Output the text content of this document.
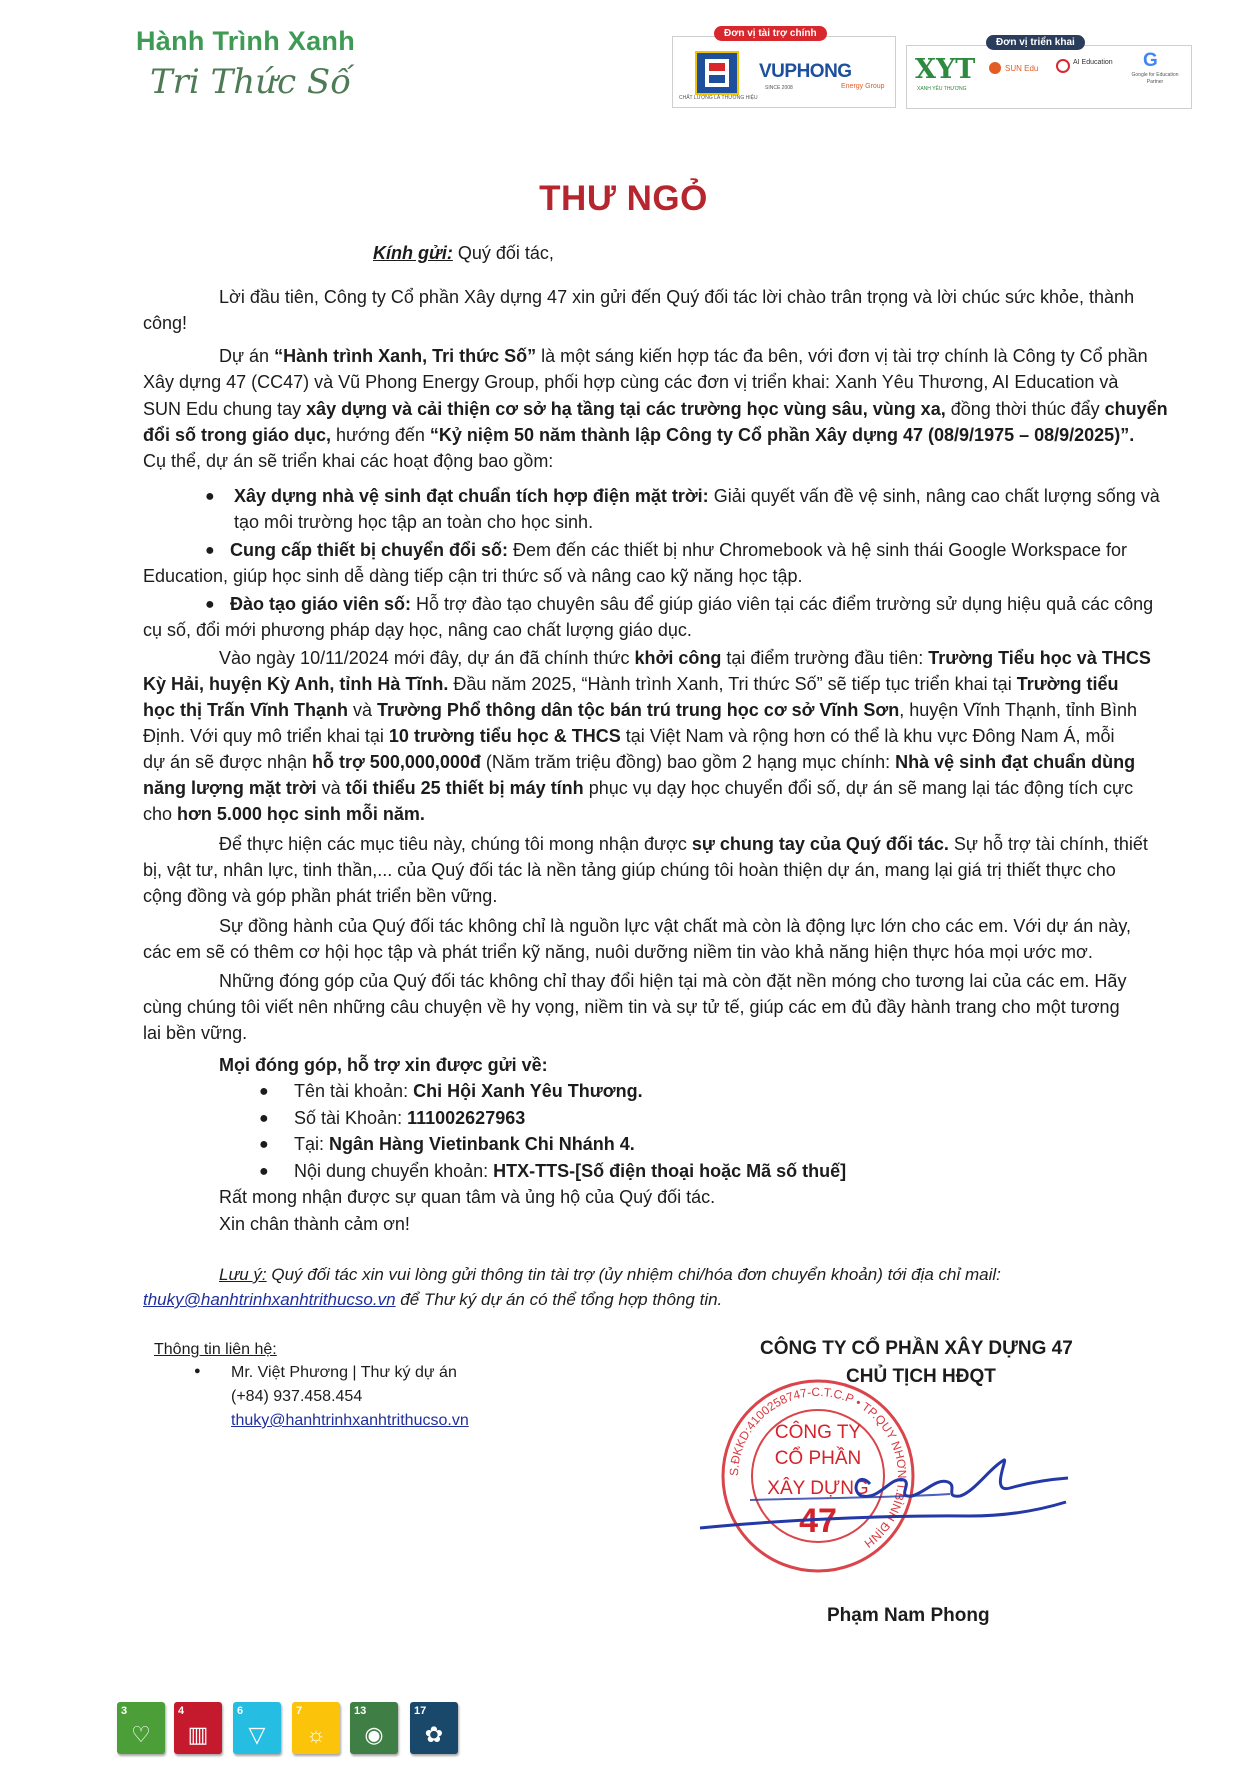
Hành Trình Xanh
Tri Thức Số	CHẤT LƯỢNG LÀ THƯƠNG HIỆU
VUPHONG
SINCE 2008	Energy Group
Đơn vị tài trợ chính
XYT
XANH YÊU THƯƠNG
SUN Edu
AI Education G
Google for Education Partner
Đơn vị triển khai
THƯ NGỎ
Kính gửi: Quý đối tác,
Lời đầu tiên, Công ty Cổ phần Xây dựng 47 xin gửi đến Quý đối tác lời chào trân trọng và lời chúc sức khỏe, thành
công!
Dự án “Hành trình Xanh, Tri thức Số” là một sáng kiến hợp tác đa bên, với đơn vị tài trợ chính là Công ty Cổ phần
Xây dựng 47 (CC47) và Vũ Phong Energy Group, phối hợp cùng các đơn vị triển khai: Xanh Yêu Thương, AI Education và
SUN Edu chung tay xây dựng và cải thiện cơ sở hạ tầng tại các trường học vùng sâu, vùng xa, đồng thời thúc đẩy chuyển
đổi số trong giáo dục, hướng đến “Kỷ niệm 50 năm thành lập Công ty Cổ phần Xây dựng 47 (08/9/1975 – 08/9/2025)”.
Cụ thể, dự án sẽ triển khai các hoạt động bao gồm:
● Xây dựng nhà vệ sinh đạt chuẩn tích hợp điện mặt trời: Giải quyết vấn đề vệ sinh, nâng cao chất lượng sống và
tạo môi trường học tập an toàn cho học sinh.
● Cung cấp thiết bị chuyển đổi số: Đem đến các thiết bị như Chromebook và hệ sinh thái Google Workspace for
Education, giúp học sinh dễ dàng tiếp cận tri thức số và nâng cao kỹ năng học tập.
● Đào tạo giáo viên số: Hỗ trợ đào tạo chuyên sâu để giúp giáo viên tại các điểm trường sử dụng hiệu quả các công
cụ số, đổi mới phương pháp dạy học, nâng cao chất lượng giáo dục.
Vào ngày 10/11/2024 mới đây, dự án đã chính thức khởi công tại điểm trường đầu tiên: Trường Tiểu học và THCS
Kỳ Hải, huyện Kỳ Anh, tỉnh Hà Tĩnh. Đầu năm 2025, “Hành trình Xanh, Tri thức Số” sẽ tiếp tục triển khai tại Trường tiểu
học thị Trấn Vĩnh Thạnh và Trường Phổ thông dân tộc bán trú trung học cơ sở Vĩnh Sơn, huyện Vĩnh Thạnh, tỉnh Bình
Định. Với quy mô triển khai tại 10 trường tiểu học & THCS tại Việt Nam và rộng hơn có thể là khu vực Đông Nam Á, mỗi
dự án sẽ được nhận hỗ trợ 500,000,000đ (Năm trăm triệu đồng) bao gồm 2 hạng mục chính: Nhà vệ sinh đạt chuẩn dùng
năng lượng mặt trời và tối thiểu 25 thiết bị máy tính phục vụ dạy học chuyển đổi số, dự án sẽ mang lại tác động tích cực
cho hơn 5.000 học sinh mỗi năm.
Để thực hiện các mục tiêu này, chúng tôi mong nhận được sự chung tay của Quý đối tác. Sự hỗ trợ tài chính, thiết
bị, vật tư, nhân lực, tinh thần,... của Quý đối tác là nền tảng giúp chúng tôi hoàn thiện dự án, mang lại giá trị thiết thực cho
cộng đồng và góp phần phát triển bền vững.
Sự đồng hành của Quý đối tác không chỉ là nguồn lực vật chất mà còn là động lực lớn cho các em. Với dự án này,
các em sẽ có thêm cơ hội học tập và phát triển kỹ năng, nuôi dưỡng niềm tin vào khả năng hiện thực hóa mọi ước mơ.
Những đóng góp của Quý đối tác không chỉ thay đổi hiện tại mà còn đặt nền móng cho tương lai của các em. Hãy
cùng chúng tôi viết nên những câu chuyện về hy vọng, niềm tin và sự tử tế, giúp các em đủ đầy hành trang cho một tương
lai bền vững.
Mọi đóng góp, hỗ trợ xin được gửi về:
● Tên tài khoản: Chi Hội Xanh Yêu Thương.
● Số tài Khoản: 111002627963
● Tại: Ngân Hàng Vietinbank Chi Nhánh 4.
● Nội dung chuyển khoản: HTX-TTS-[Số điện thoại hoặc Mã số thuế]
Rất mong nhận được sự quan tâm và ủng hộ của Quý đối tác.
Xin chân thành cảm ơn!
Lưu ý: Quý đối tác xin vui lòng gửi thông tin tài trợ (ủy nhiệm chi/hóa đơn chuyển khoản) tới địa chỉ mail:
thuky@hanhtrinhxanhtrithucso.vn để Thư ký dự án có thể tổng hợp thông tin.
Thông tin liên hệ:
● Mr. Việt Phương | Thư ký dự án
(+84) 937.458.454
thuky@hanhtrinhxanhtrithucso.vn
CÔNG TY CỔ PHẦN XÂY DỰNG 47
CHỦ TỊCH HĐQT
S.ĐKKD:4100258747-C.T.C.P • TP.QUY NHƠN-T.BÌNH ĐỊNH
CÔNG TY
CỔ PHẦN
XÂY DỰNG
47
Phạm Nam Phong
3
♡
4
▥
6
▽
7
☼
13
◉
17
✿
